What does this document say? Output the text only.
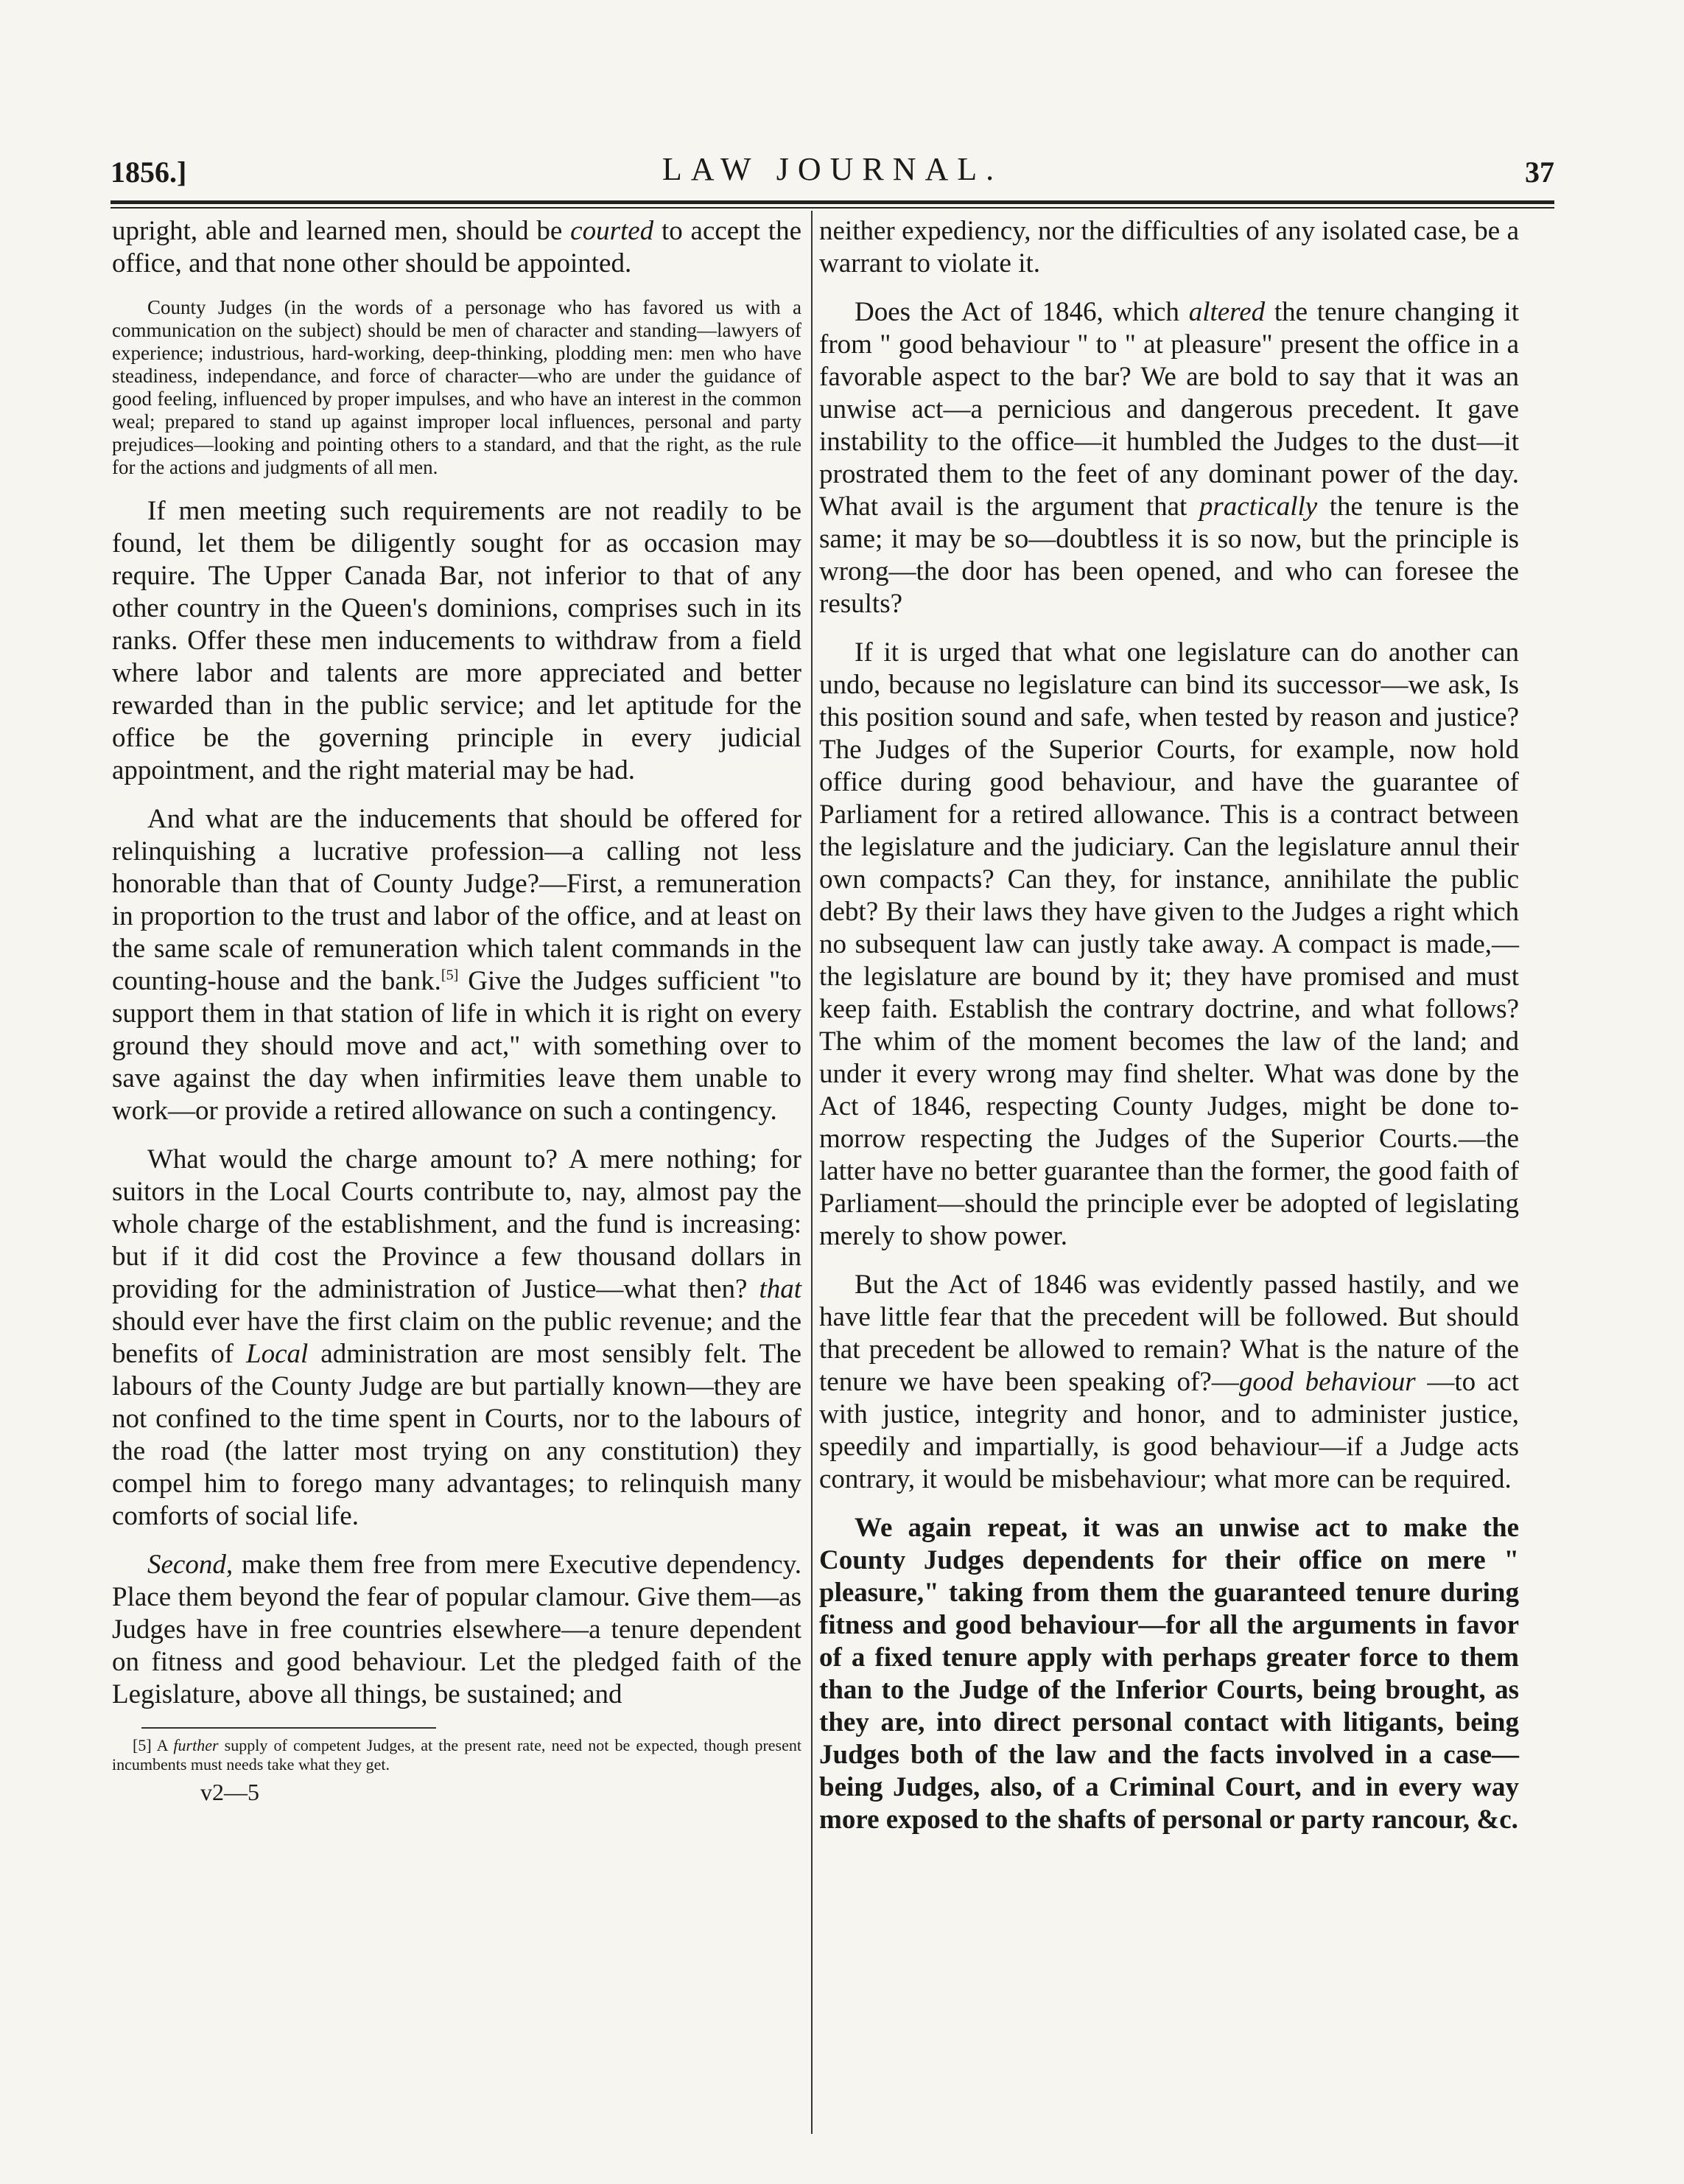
1856.]	LAW JOURNAL.	37

upright, able and learned men, should be courted to accept the office, and that none other should be appointed.

County Judges (in the words of a personage who has favored us with a communication on the subject) should be men of character and standing—lawyers of experience; industrious, hard-working, deep-thinking, plodding men: men who have steadiness, independance, and force of character—who are under the guidance of good feeling, influenced by proper impulses, and who have an interest in the common weal; prepared to stand up against improper local influences, personal and party prejudices—looking and pointing others to a standard, and that the right, as the rule for the actions and judgments of all men.

If men meeting such requirements are not readily to be found, let them be diligently sought for as occasion may require. The Upper Canada Bar, not inferior to that of any other country in the Queen's dominions, comprises such in its ranks. Offer these men inducements to withdraw from a field where labor and talents are more appreciated and better rewarded than in the public service; and let aptitude for the office be the governing principle in every judicial appointment, and the right material may be had.

And what are the inducements that should be offered for relinquishing a lucrative profession—a calling not less honorable than that of County Judge?—First, a remuneration in proportion to the trust and labor of the office, and at least on the same scale of remuneration which talent commands in the counting-house and the bank.[5] Give the Judges sufficient "to support them in that station of life in which it is right on every ground they should move and act," with something over to save against the day when infirmities leave them unable to work—or provide a retired allowance on such a contingency.

What would the charge amount to? A mere nothing; for suitors in the Local Courts contribute to, nay, almost pay the whole charge of the establishment, and the fund is increasing: but if it did cost the Province a few thousand dollars in providing for the administration of Justice—what then? that should ever have the first claim on the public revenue; and the benefits of Local administration are most sensibly felt. The labours of the County Judge are but partially known—they are not confined to the time spent in Courts, nor to the labours of the road (the latter most trying on any constitution) they compel him to forego many advantages; to relinquish many comforts of social life.

Second, make them free from mere Executive dependency. Place them beyond the fear of popular clamour. Give them—as Judges have in free countries elsewhere—a tenure dependent on fitness and good behaviour. Let the pledged faith of the Legislature, above all things, be sustained; and

[5] A further supply of competent Judges, at the present rate, need not be expected, though present incumbents must needs take what they get.

v2—5

neither expediency, nor the difficulties of any isolated case, be a warrant to violate it.

Does the Act of 1846, which altered the tenure changing it from " good behaviour " to " at pleasure" present the office in a favorable aspect to the bar? We are bold to say that it was an unwise act—a pernicious and dangerous precedent. It gave instability to the office—it humbled the Judges to the dust—it prostrated them to the feet of any dominant power of the day. What avail is the argument that practically the tenure is the same; it may be so—doubtless it is so now, but the principle is wrong—the door has been opened, and who can foresee the results?

If it is urged that what one legislature can do another can undo, because no legislature can bind its successor—we ask, Is this position sound and safe, when tested by reason and justice? The Judges of the Superior Courts, for example, now hold office during good behaviour, and have the guarantee of Parliament for a retired allowance. This is a contract between the legislature and the judiciary. Can the legislature annul their own compacts? Can they, for instance, annihilate the public debt? By their laws they have given to the Judges a right which no subsequent law can justly take away. A compact is made,—the legislature are bound by it; they have promised and must keep faith. Establish the contrary doctrine, and what follows? The whim of the moment becomes the law of the land; and under it every wrong may find shelter. What was done by the Act of 1846, respecting County Judges, might be done to-morrow respecting the Judges of the Superior Courts.—the latter have no better guarantee than the former, the good faith of Parliament—should the principle ever be adopted of legislating merely to show power.

But the Act of 1846 was evidently passed hastily, and we have little fear that the precedent will be followed. But should that precedent be allowed to remain? What is the nature of the tenure we have been speaking of?—good behaviour —to act with justice, integrity and honor, and to administer justice, speedily and impartially, is good behaviour—if a Judge acts contrary, it would be misbehaviour; what more can be required.

We again repeat, it was an unwise act to make the County Judges dependents for their office on mere " pleasure," taking from them the guaranteed tenure during fitness and good behaviour—for all the arguments in favor of a fixed tenure apply with perhaps greater force to them than to the Judge of the Inferior Courts, being brought, as they are, into direct personal contact with litigants, being Judges both of the law and the facts involved in a case—being Judges, also, of a Criminal Court, and in every way more exposed to the shafts of personal or party rancour, &c.
